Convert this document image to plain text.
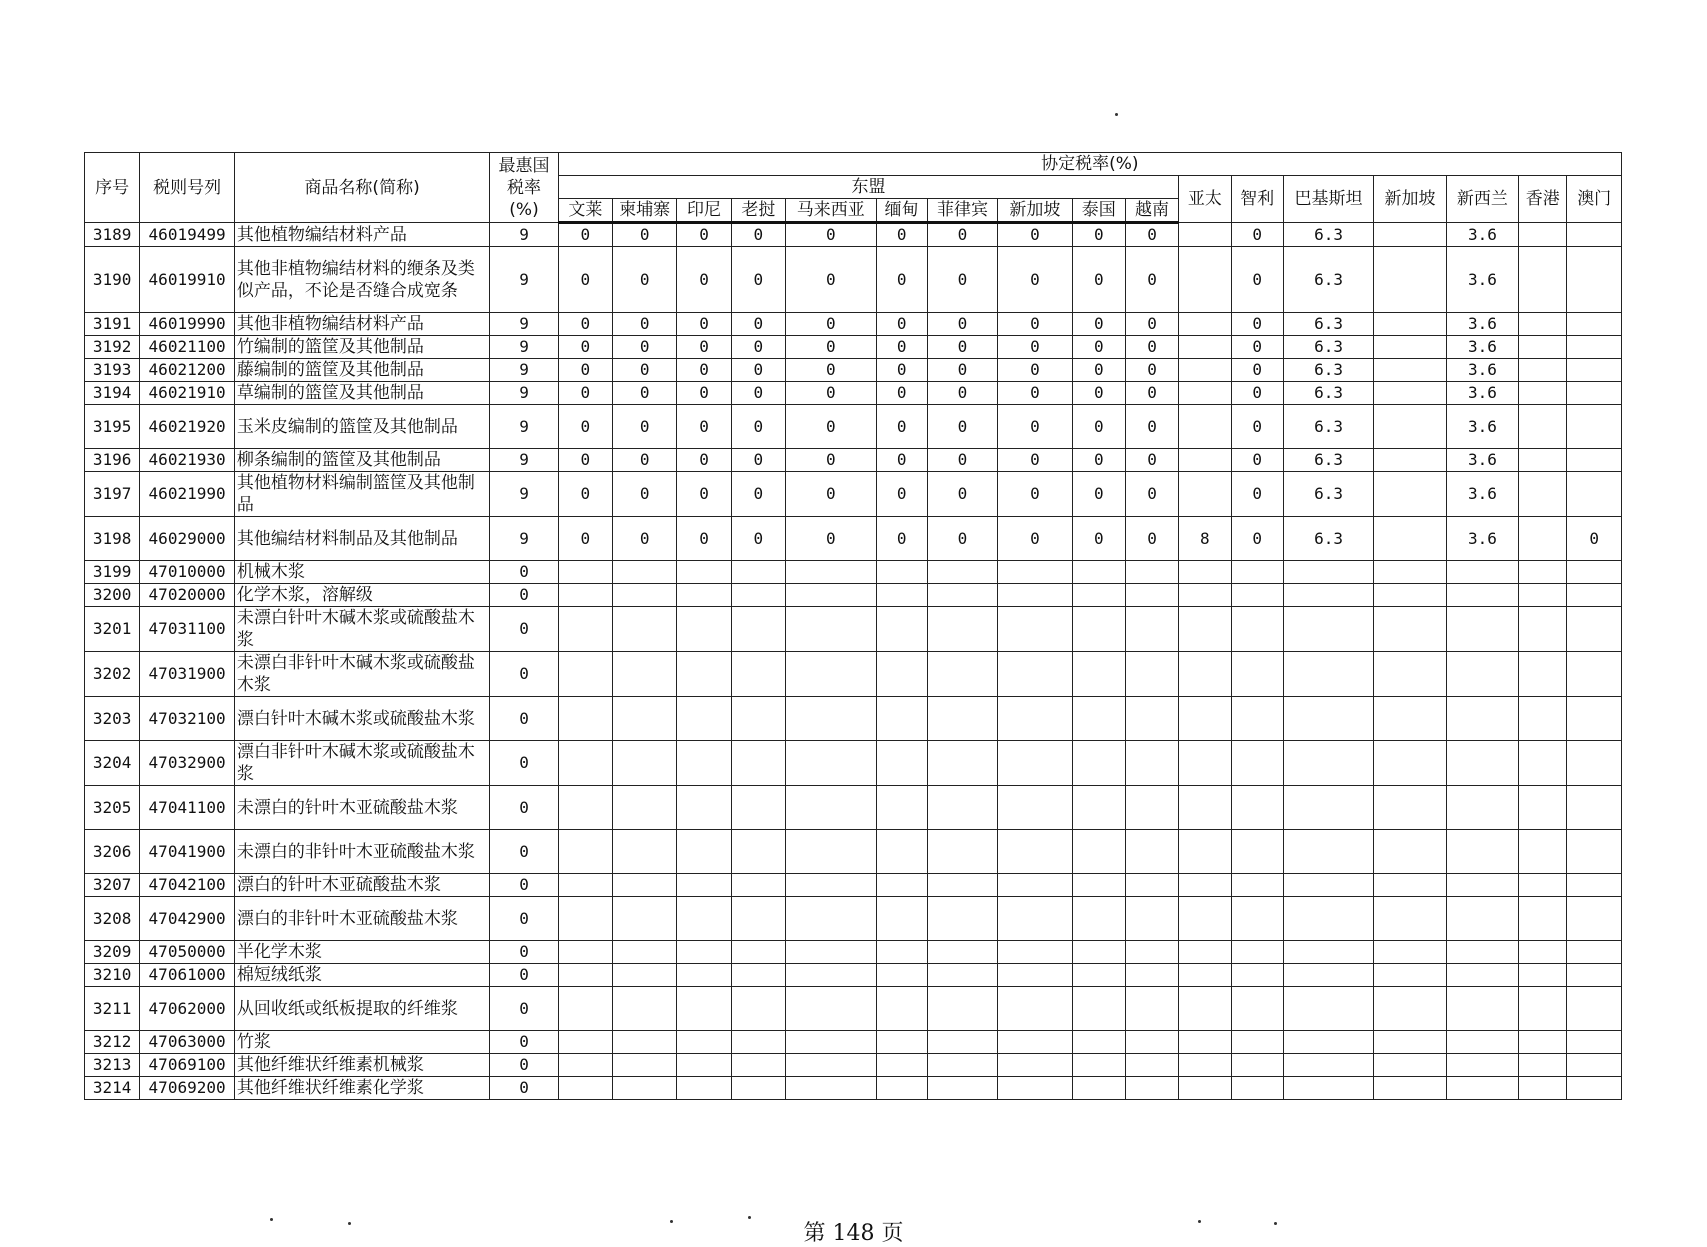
序号	税则号列	商品名称(简称)	最惠国税率(%)	协定税率(%)																
				东盟										亚太	智利	巴基斯坦	新加坡	新西兰	香港	澳门
				文莱	柬埔寨	印尼	老挝	马来西亚	缅甸	菲律宾	新加坡	泰国	越南							
3189	46019499	其他植物编结材料产品	9	0	0	0	0	0	0	0	0	0	0		0	6.3		3.6		
3190	46019910	其他非植物编结材料的缏条及类似产品，不论是否缝合成宽条	9	0	0	0	0	0	0	0	0	0	0		0	6.3		3.6		
3191	46019990	其他非植物编结材料产品	9	0	0	0	0	0	0	0	0	0	0		0	6.3		3.6		
3192	46021100	竹编制的篮筐及其他制品	9	0	0	0	0	0	0	0	0	0	0		0	6.3		3.6		
3193	46021200	藤编制的篮筐及其他制品	9	0	0	0	0	0	0	0	0	0	0		0	6.3		3.6		
3194	46021910	草编制的篮筐及其他制品	9	0	0	0	0	0	0	0	0	0	0		0	6.3		3.6		
3195	46021920	玉米皮编制的篮筐及其他制品	9	0	0	0	0	0	0	0	0	0	0		0	6.3		3.6		
3196	46021930	柳条编制的篮筐及其他制品	9	0	0	0	0	0	0	0	0	0	0		0	6.3		3.6		
3197	46021990	其他植物材料编制篮筐及其他制品	9	0	0	0	0	0	0	0	0	0	0		0	6.3		3.6		
3198	46029000	其他编结材料制品及其他制品	9	0	0	0	0	0	0	0	0	0	0	8	0	6.3		3.6		0
3199	47010000	机械木浆	0																	
3200	47020000	化学木浆，溶解级	0																	
3201	47031100	未漂白针叶木碱木浆或硫酸盐木浆	0																	
3202	47031900	未漂白非针叶木碱木浆或硫酸盐木浆	0																	
3203	47032100	漂白针叶木碱木浆或硫酸盐木浆	0																	
3204	47032900	漂白非针叶木碱木浆或硫酸盐木浆	0																	
3205	47041100	未漂白的针叶木亚硫酸盐木浆	0																	
3206	47041900	未漂白的非针叶木亚硫酸盐木浆	0																	
3207	47042100	漂白的针叶木亚硫酸盐木浆	0																	
3208	47042900	漂白的非针叶木亚硫酸盐木浆	0																	
3209	47050000	半化学木浆	0																	
3210	47061000	棉短绒纸浆	0																	
3211	47062000	从回收纸或纸板提取的纤维浆	0																	
3212	47063000	竹浆	0																	
3213	47069100	其他纤维状纤维素机械浆	0																	
3214	47069200	其他纤维状纤维素化学浆	0																	
第 148 页
